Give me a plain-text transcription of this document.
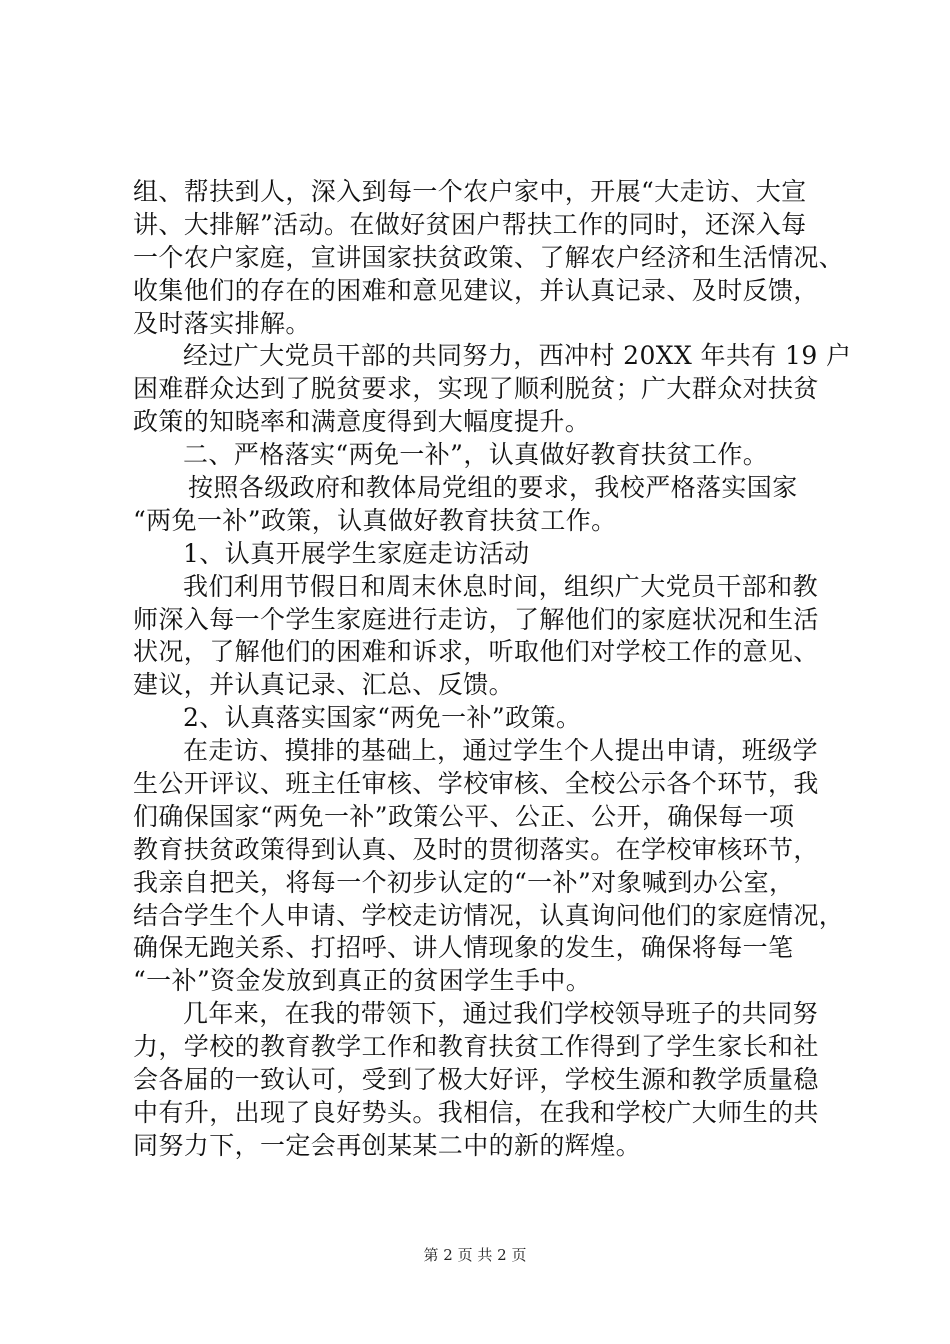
组、帮扶到人，深入到每一个农户家中，开展“大走访、大宣
讲、大排解”活动。在做好贫困户帮扶工作的同时，还深入每
一个农户家庭，宣讲国家扶贫政策、了解农户经济和生活情况、
收集他们的存在的困难和意见建议，并认真记录、及时反馈，
及时落实排解。
经过广大党员干部的共同努力，西冲村 20XX 年共有 19 户
困难群众达到了脱贫要求，实现了顺利脱贫；广大群众对扶贫
政策的知晓率和满意度得到大幅度提升。
二、严格落实“两免一补”，认真做好教育扶贫工作。
按照各级政府和教体局党组的要求，我校严格落实国家
“两免一补”政策，认真做好教育扶贫工作。
1、认真开展学生家庭走访活动
我们利用节假日和周末休息时间，组织广大党员干部和教
师深入每一个学生家庭进行走访，了解他们的家庭状况和生活
状况，了解他们的困难和诉求，听取他们对学校工作的意见、
建议，并认真记录、汇总、反馈。
2、认真落实国家“两免一补”政策。
在走访、摸排的基础上，通过学生个人提出申请，班级学
生公开评议、班主任审核、学校审核、全校公示各个环节，我
们确保国家“两免一补”政策公平、公正、公开，确保每一项
教育扶贫政策得到认真、及时的贯彻落实。在学校审核环节，
我亲自把关，将每一个初步认定的“一补”对象喊到办公室，
结合学生个人申请、学校走访情况，认真询问他们的家庭情况，
确保无跑关系、打招呼、讲人情现象的发生，确保将每一笔
“一补”资金发放到真正的贫困学生手中。
几年来，在我的带领下，通过我们学校领导班子的共同努
力，学校的教育教学工作和教育扶贫工作得到了学生家长和社
会各届的一致认可，受到了极大好评，学校生源和教学质量稳
中有升，出现了良好势头。我相信，在我和学校广大师生的共
同努力下，一定会再创某某二中的新的辉煌。
第 2 页 共 2 页
